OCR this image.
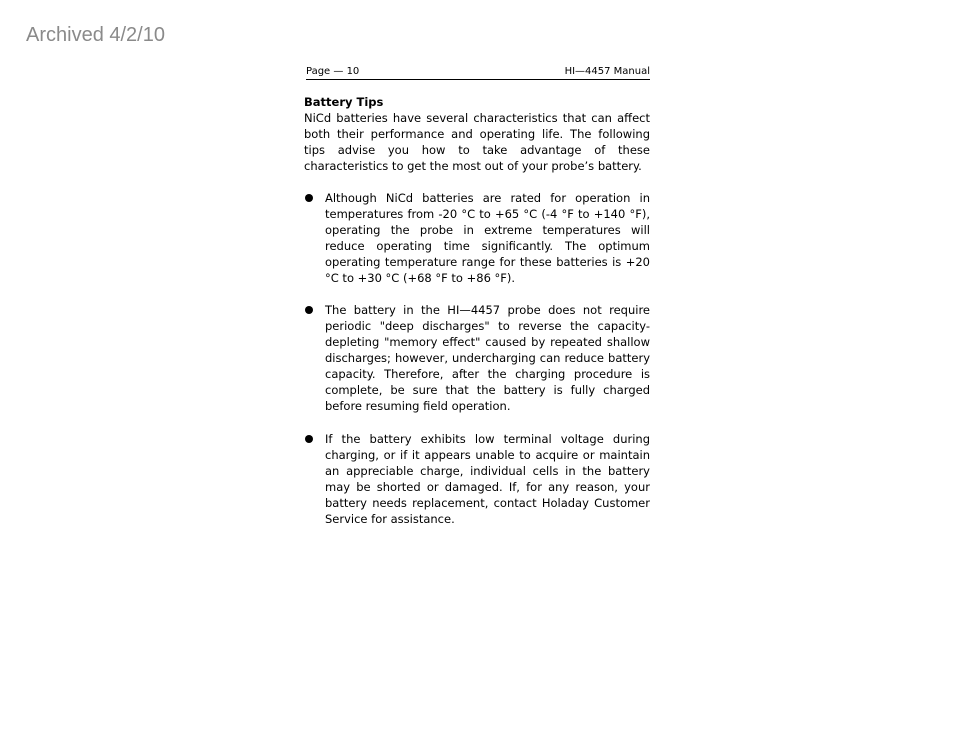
Archived 4/2/10
Page — 10	HI—4457 Manual
Battery Tips
NiCd batteries have several characteristics that can affect both their performance and operating life. The following tips advise you how to take advantage of these characteristics to get the most out of your probe’s battery.
Although NiCd batteries are rated for operation in temperatures from -20 °C to +65 °C (-4 °F to +140 °F), operating the probe in extreme temperatures will reduce operating time significantly. The optimum operating temperature range for these batteries is +20 °C to +30 °C (+68 °F to +86 °F).
The battery in the HI—4457 probe does not require periodic "deep discharges" to reverse the capacity-depleting "memory effect" caused by repeated shallow discharges; however, undercharging can reduce battery capacity. Therefore, after the charging procedure is complete, be sure that the battery is fully charged before resuming field operation.
If the battery exhibits low terminal voltage during charging, or if it appears unable to acquire or maintain an appreciable charge, individual cells in the battery may be shorted or damaged. If, for any reason, your battery needs replacement, contact Holaday Customer Service for assistance.
